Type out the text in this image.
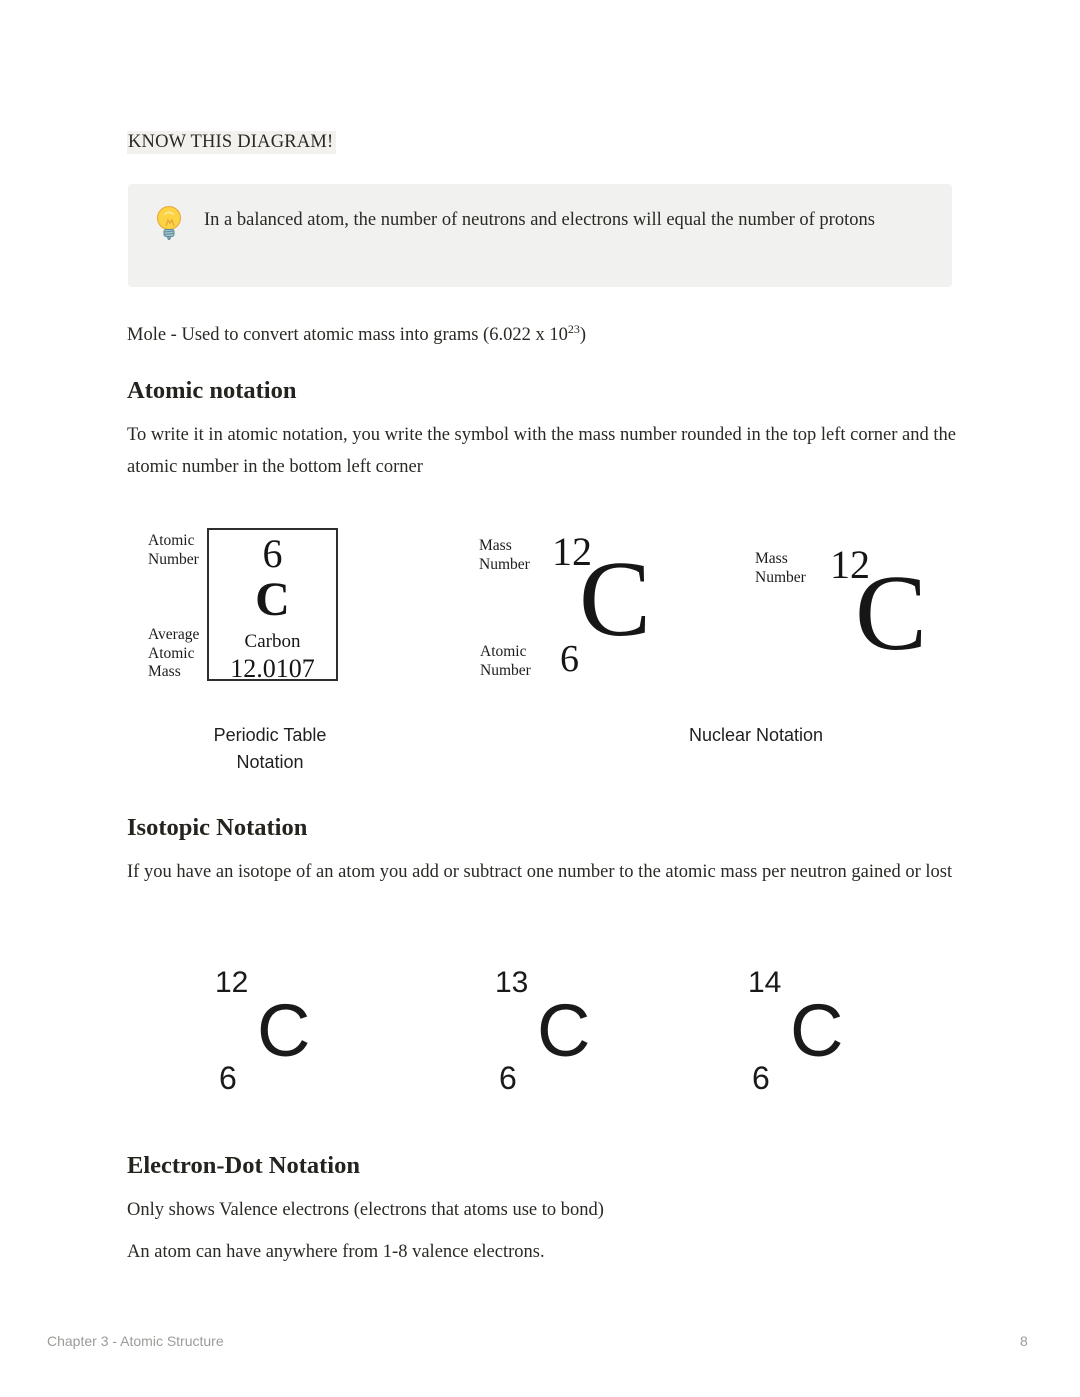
KNOW THIS DIAGRAM!

In a balanced atom, the number of neutrons and electrons will equal the number of protons

Mole - Used to convert atomic mass into grams (6.022 x $10^{23}$)

Atomic notation

To write it in atomic notation, you write the symbol with the mass number rounded in the top left corner and the atomic number in the bottom left corner

Atomic Number
Average Atomic Mass
6
C
Carbon
12.0107
Mass Number 12
C
Atomic Number 6
Mass Number 12
C
Periodic Table Notation
Nuclear Notation
Isotopic Notation

If you have an isotope of an atom you add or subtract one number to the atomic mass per neutron gained or lost

12
C
6
13
C
6
14
C
6
Electron-Dot Notation

Only shows Valence electrons (electrons that atoms use to bond)

An atom can have anywhere from 1-8 valence electrons.

Chapter 3 - Atomic Structure	8
